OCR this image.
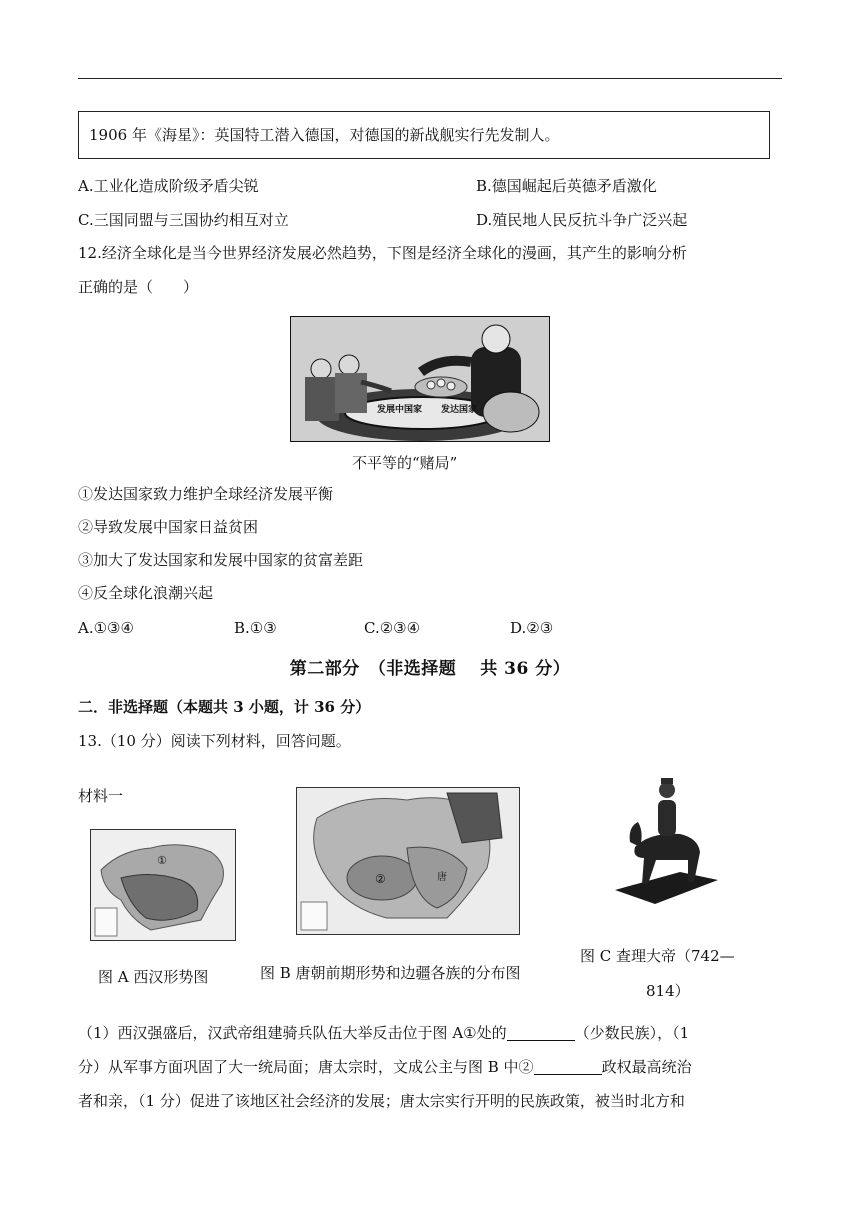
1906 年《海星》：英国特工潜入德国，对德国的新战舰实行先发制人。
A.工业化造成阶级矛盾尖锐	B.德国崛起后英德矛盾激化
C.三国同盟与三国协约相互对立	D.殖民地人民反抗斗争广泛兴起
12.经济全球化是当今世界经济发展必然趋势，下图是经济全球化的漫画，其产生的影响分析
正确的是（　　）
发展中国家 发达国家
不平等的“赌局”
①发达国家致力维护全球经济发展平衡
②导致发展中国家日益贫困
③加大了发达国家和发展中国家的贫富差距
④反全球化浪潮兴起
A.①③④	B.①③	C.②③④	D.②③
第二部分　（非选择题　 共 36 分）
二．非选择题（本题共 3 小题，计 36 分）
13.（10 分）阅读下列材料，回答问题。
材料一
①
图 A 西汉形势图
②	唐
图 B 唐朝前期形势和边疆各族的分布图
图 C 查理大帝（742—
814）
（1）西汉强盛后，汉武帝组建骑兵队伍大举反击位于图 A①处的	（少数民族），（1
分）从军事方面巩固了大一统局面；唐太宗时，文成公主与图 B 中②	政权最高统治
者和亲，（1 分）促进了该地区社会经济的发展；唐太宗实行开明的民族政策，被当时北方和
